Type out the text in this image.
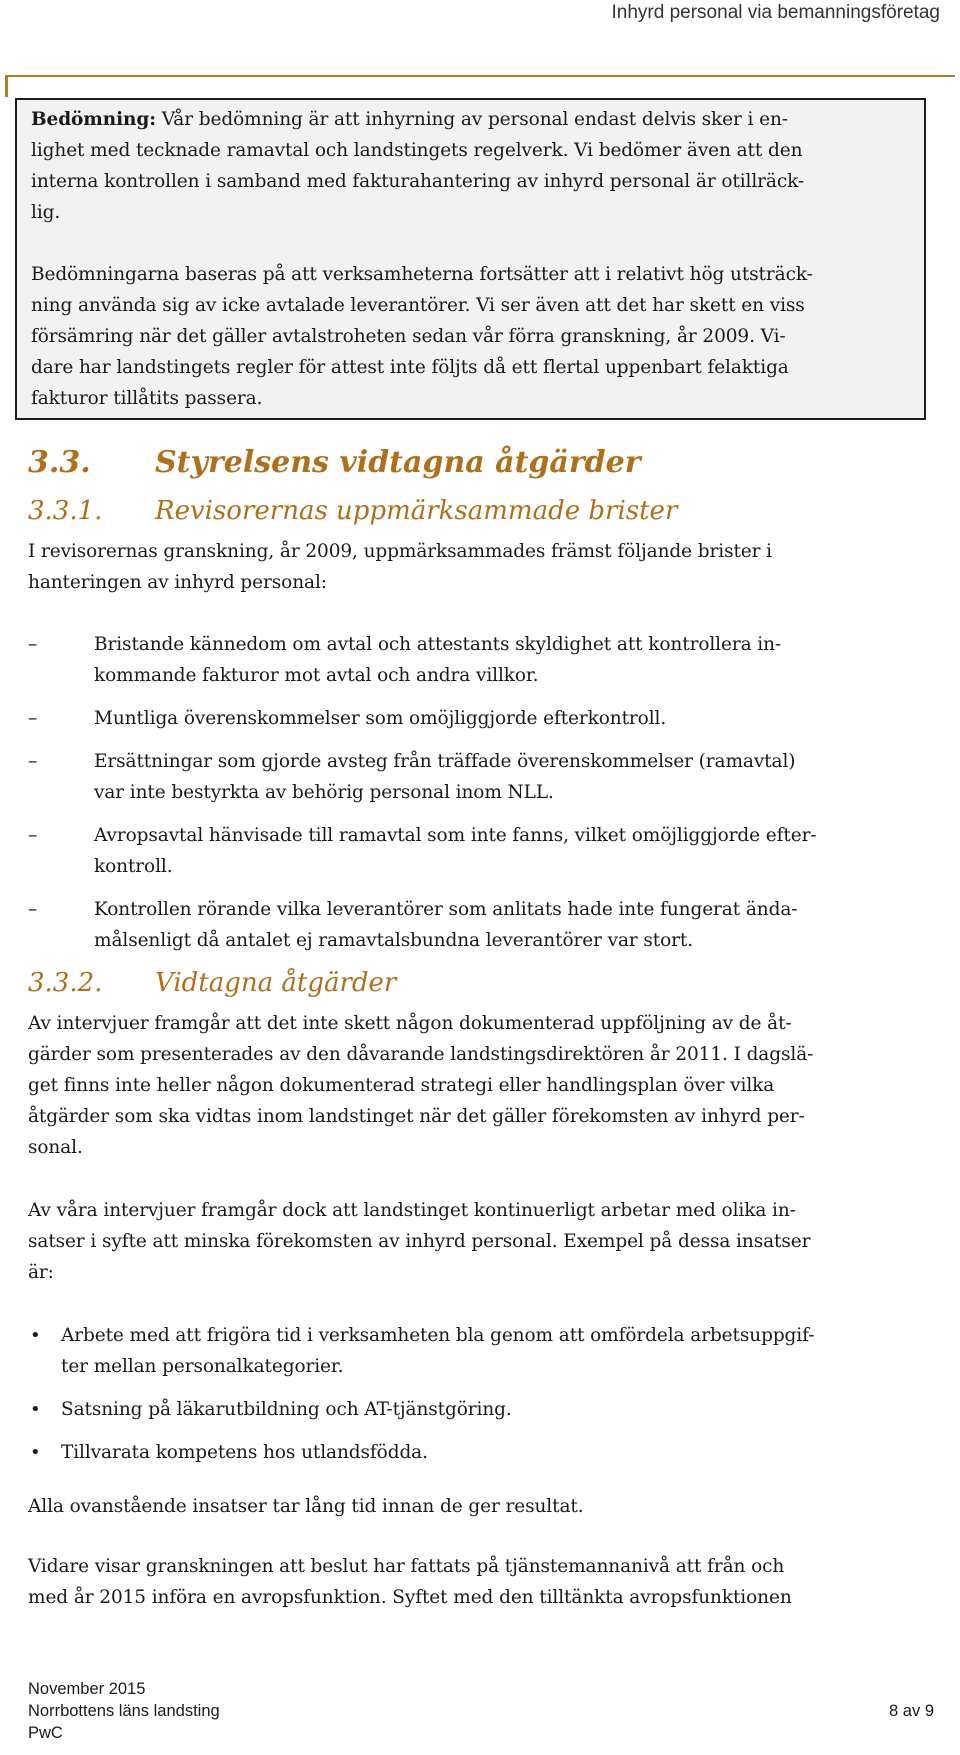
Inhyrd personal via bemanningsföretag

Bedömning: Vår bedömning är att inhyrning av personal endast delvis sker i en-
lighet med tecknade ramavtal och landstingets regelverk. Vi bedömer även att den
interna kontrollen i samband med fakturahantering av inhyrd personal är otillräck-
lig.

Bedömningarna baseras på att verksamheterna fortsätter att i relativt hög utsträck-
ning använda sig av icke avtalade leverantörer. Vi ser även att det har skett en viss
försämring när det gäller avtalstroheten sedan vår förra granskning, år 2009. Vi-
dare har landstingets regler för attest inte följts då ett flertal uppenbart felaktiga
fakturor tillåtits passera.

3.3. Styrelsens vidtagna åtgärder
3.3.1. Revisorernas uppmärksammade brister

I revisorernas granskning, år 2009, uppmärksammades främst följande brister i
hanteringen av inhyrd personal:

–	Bristande kännedom om avtal och attestants skyldighet att kontrollera in-
kommande fakturor mot avtal och andra villkor.
–	Muntliga överenskommelser som omöjliggjorde efterkontroll.
–	Ersättningar som gjorde avsteg från träffade överenskommelser (ramavtal)
var inte bestyrkta av behörig personal inom NLL.
–	Avropsavtal hänvisade till ramavtal som inte fanns, vilket omöjliggjorde efter-
kontroll.
–	Kontrollen rörande vilka leverantörer som anlitats hade inte fungerat ända-
målsenligt då antalet ej ramavtalsbundna leverantörer var stort.
3.3.2. Vidtagna åtgärder

Av intervjuer framgår att det inte skett någon dokumenterad uppföljning av de åt-
gärder som presenterades av den dåvarande landstingsdirektören år 2011. I dagslä-
get finns inte heller någon dokumenterad strategi eller handlingsplan över vilka
åtgärder som ska vidtas inom landstinget när det gäller förekomsten av inhyrd per-
sonal.

Av våra intervjuer framgår dock att landstinget kontinuerligt arbetar med olika in-
satser i syfte att minska förekomsten av inhyrd personal. Exempel på dessa insatser
är:

• Arbete med att frigöra tid i verksamheten bla genom att omfördela arbetsuppgif-
ter mellan personalkategorier.
• Satsning på läkarutbildning och AT-tjänstgöring.
• Tillvarata kompetens hos utlandsfödda.

Alla ovanstående insatser tar lång tid innan de ger resultat.

Vidare visar granskningen att beslut har fattats på tjänstemannanivå att från och
med år 2015 införa en avropsfunktion. Syftet med den tilltänkta avropsfunktionen

November 2015
Norrbottens läns landsting
PwC
8 av 9
